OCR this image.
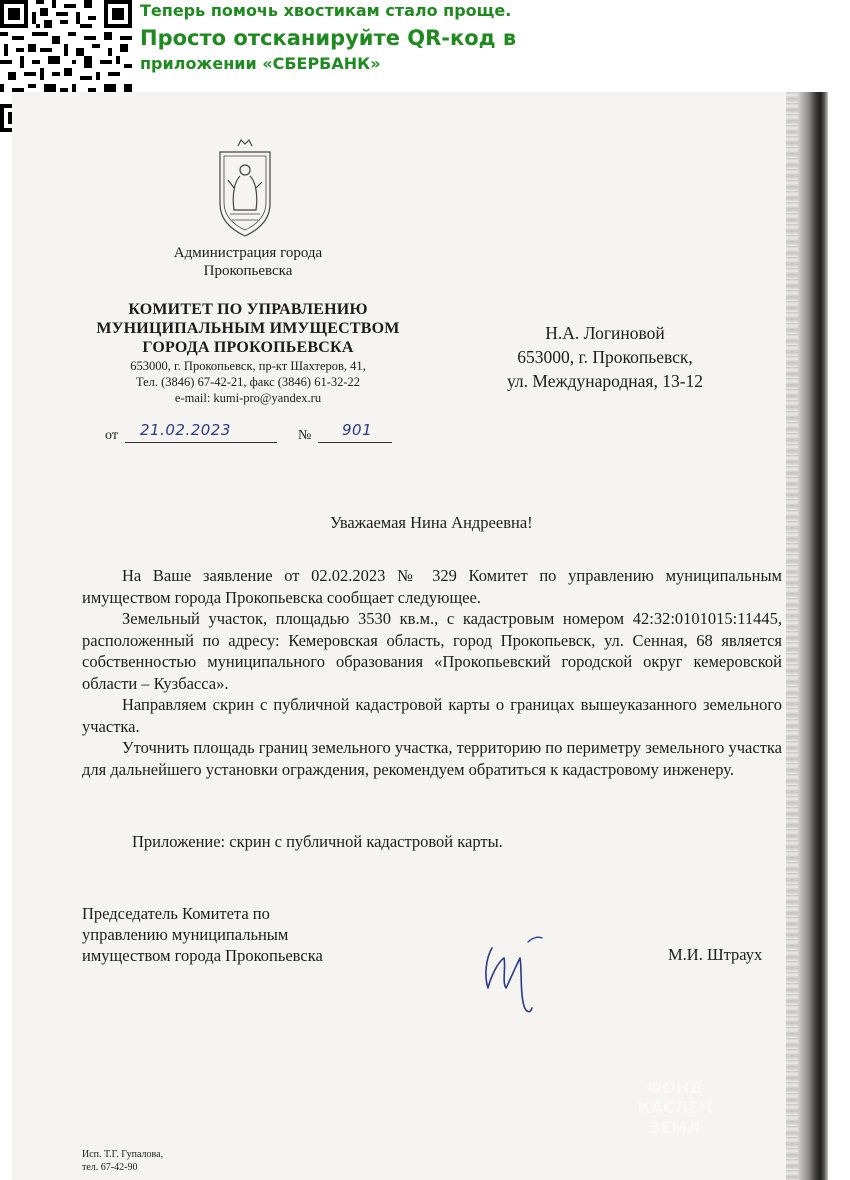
Теперь помочь хвостикам стало проще.
Просто отсканируйте QR-код в
приложении «СБЕРБАНК»
Администрация города
Прокопьевска
КОМИТЕТ ПО УПРАВЛЕНИЮ
МУНИЦИПАЛЬНЫМ ИМУЩЕСТВОМ
ГОРОДА ПРОКОПЬЕВСКА
653000, г. Прокопьевск, пр-кт Шахтеров, 41,
Тел. (3846) 67-42-21, факс (3846) 61-32-22
e-mail: kumi-pro@yandex.ru
Н.А. Логиновой
653000, г. Прокопьевск,
ул. Международная, 13-12
от 21.02.2023	№ 901
Уважаемая Нина Андреевна!

На Ваше заявление от 02.02.2023 № 329 Комитет по управлению муниципальным имуществом города Прокопьевска сообщает следующее.

Земельный участок, площадью 3530 кв.м., с кадастровым номером 42:32:0101015:11445, расположенный по адресу: Кемеровская область, город Прокопьевск, ул. Сенная, 68 является собственностью муниципального образования «Прокопьевский городской округ кемеровской области – Кузбасса».

Направляем скрин с публичной кадастровой карты о границах вышеуказанного земельного участка.

Уточнить площадь границ земельного участка, территорию по периметру земельного участка для дальнейшего установки ограждения, рекомендуем обратиться к кадастровому инженеру.

Приложение: скрин с публичной кадастровой карты.
Председатель Комитета по
управлению муниципальным
имуществом города Прокопьевска	М.И. Штраух
ФОНД
КАСЛЕН
ЗЕМЛ
Исп. Т.Г. Гупалова,
тел. 67-42-90
